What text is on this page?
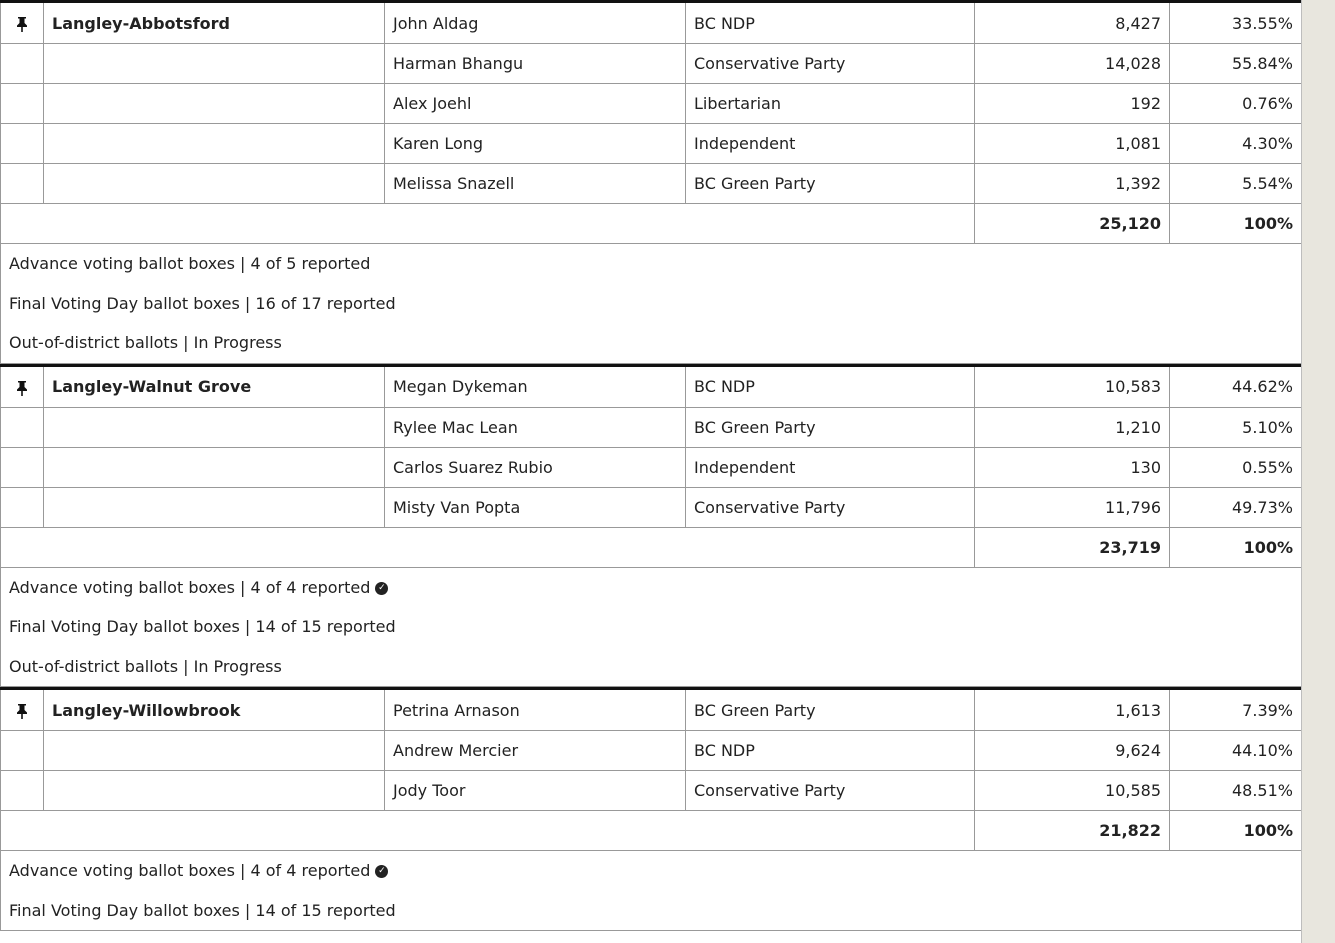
	Langley-Abbotsford	John Aldag	BC NDP	8,427	33.55%
		Harman Bhangu	Conservative Party	14,028	55.84%
		Alex Joehl	Libertarian	192	0.76%
		Karen Long	Independent	1,081	4.30%
		Melissa Snazell	BC Green Party	1,392	5.54%
				25,120	100%

Advance voting ballot boxes | 4 of 5 reported
Final Voting Day ballot boxes | 16 of 17 reported
Out-of-district ballots | In Progress					
	Langley-Walnut Grove	Megan Dykeman	BC NDP	10,583	44.62%
		Rylee Mac Lean	BC Green Party	1,210	5.10%
		Carlos Suarez Rubio	Independent	130	0.55%
		Misty Van Popta	Conservative Party	11,796	49.73%
				23,719	100%

Advance voting ballot boxes | 4 of 4 reported ✓
Final Voting Day ballot boxes | 14 of 15 reported
Out-of-district ballots | In Progress					
	Langley-Willowbrook	Petrina Arnason	BC Green Party	1,613	7.39%
		Andrew Mercier	BC NDP	9,624	44.10%
		Jody Toor	Conservative Party	10,585	48.51%
				21,822	100%

Advance voting ballot boxes | 4 of 4 reported ✓
Final Voting Day ballot boxes | 14 of 15 reported					
